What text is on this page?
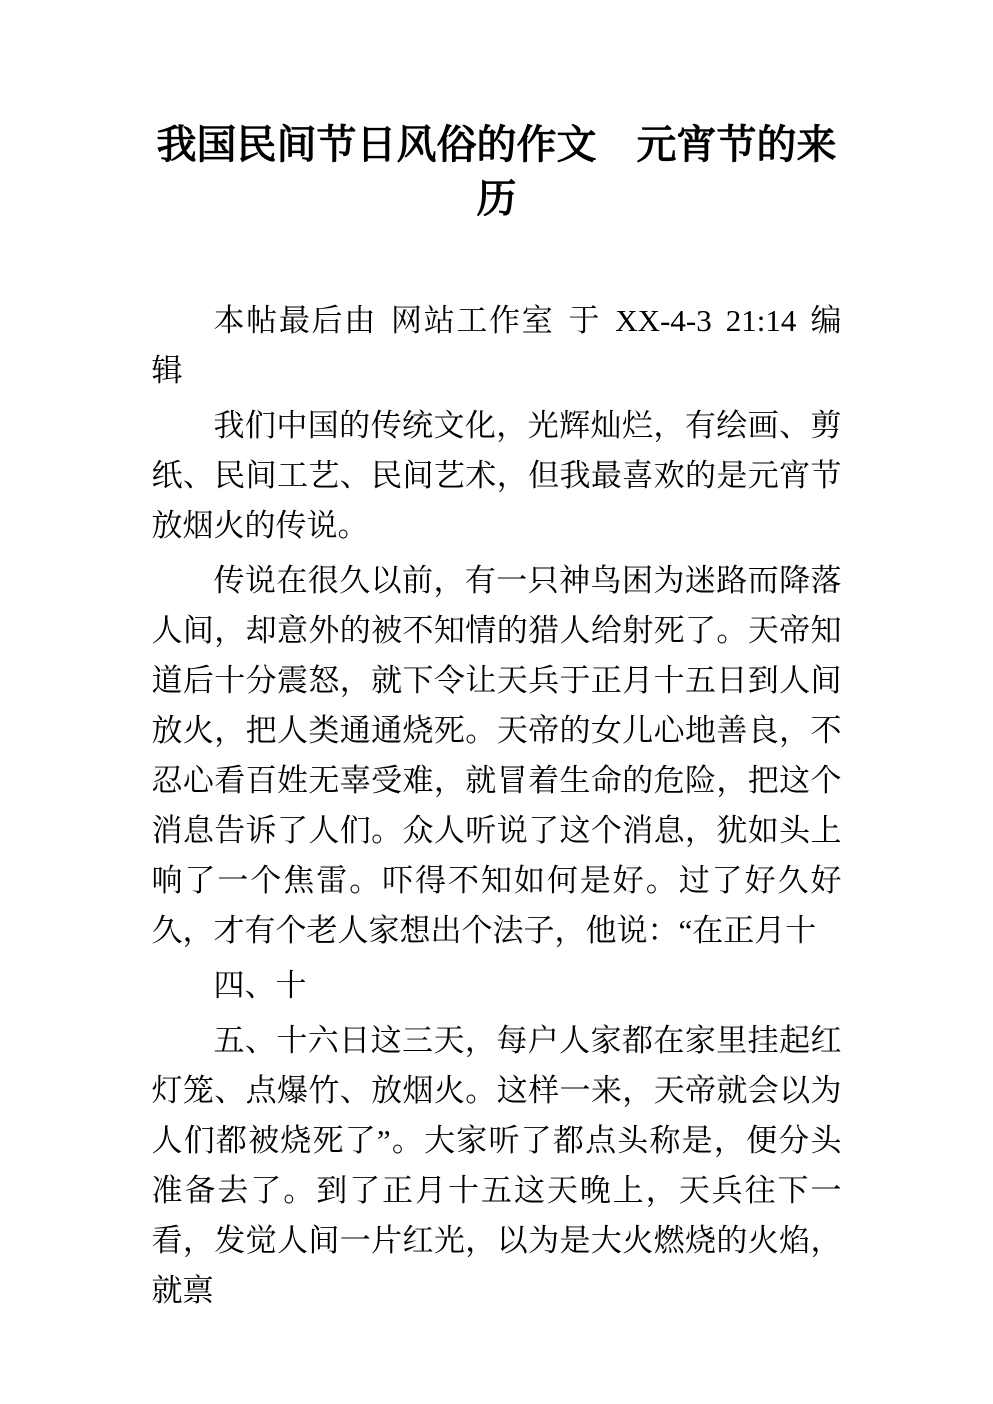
我国民间节日风俗的作文　元宵节的来历

本帖最后由 网站工作室 于 XX-4-3 21:14 编辑

我们中国的传统文化，光辉灿烂，有绘画、剪纸、民间工艺、民间艺术，但我最喜欢的是元宵节放烟火的传说。

传说在很久以前，有一只神鸟困为迷路而降落人间，却意外的被不知情的猎人给射死了。天帝知道后十分震怒，就下令让天兵于正月十五日到人间放火，把人类通通烧死。天帝的女儿心地善良，不忍心看百姓无辜受难，就冒着生命的危险，把这个消息告诉了人们。众人听说了这个消息，犹如头上响了一个焦雷。吓得不知如何是好。过了好久好久，才有个老人家想出个法子，他说：“在正月十

四、十

五、十六日这三天，每户人家都在家里挂起红灯笼、点爆竹、放烟火。这样一来，天帝就会以为人们都被烧死了”。大家听了都点头称是，便分头准备去了。到了正月十五这天晚上，天兵往下一看，发觉人间一片红光，以为是大火燃烧的火焰，就禀
